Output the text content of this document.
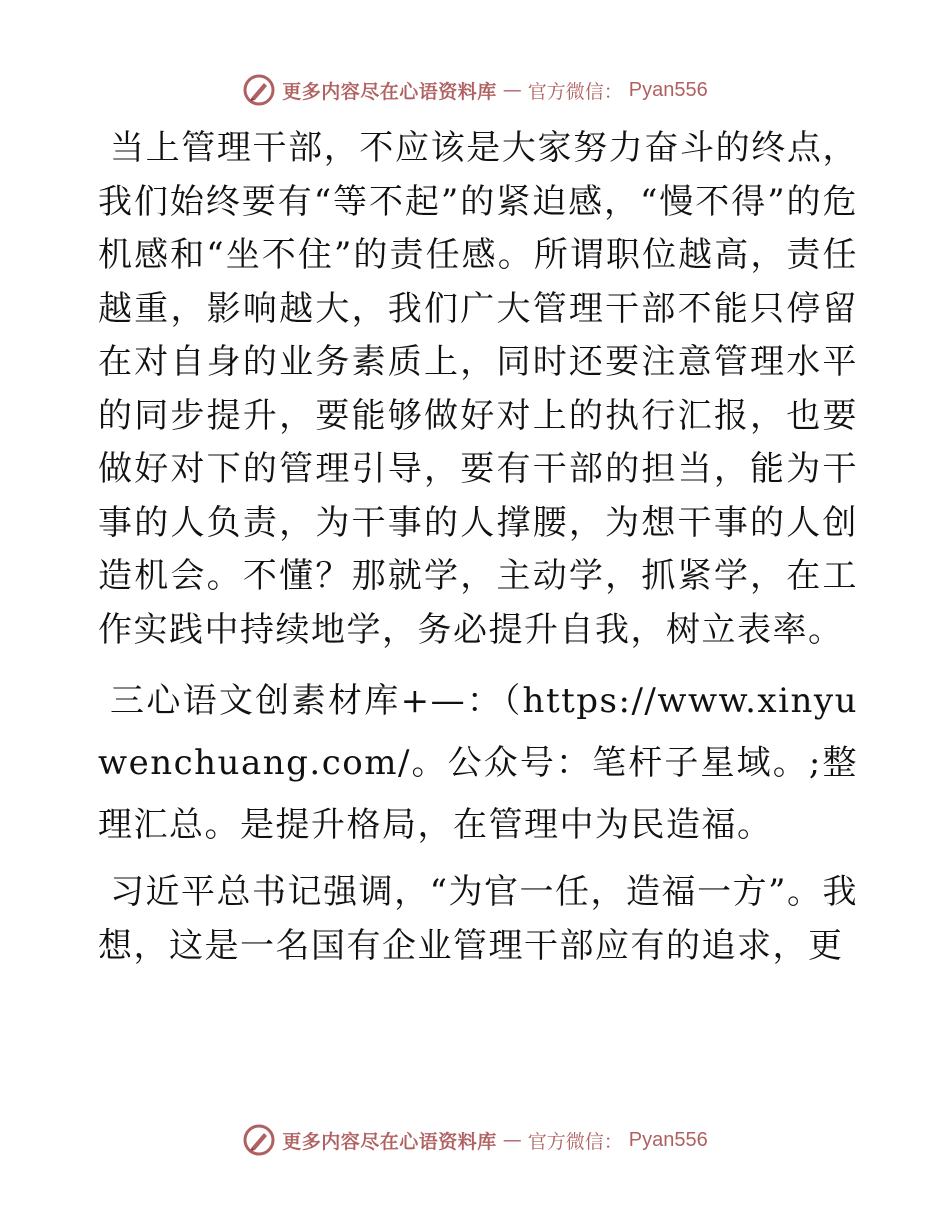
更多内容尽在心语资料库 — 官方微信： Pyan556

当上管理干部，不应该是大家努力奋斗的终点，我们始终要有“等不起”的紧迫感，“慢不得”的危机感和“坐不住”的责任感。所谓职位越高，责任越重，影响越大，我们广大管理干部不能只停留在对自身的业务素质上，同时还要注意管理水平的同步提升，要能够做好对上的执行汇报，也要做好对下的管理引导，要有干部的担当，能为干事的人负责，为干事的人撑腰，为想干事的人创造机会。不懂？那就学，主动学，抓紧学，在工作实践中持续地学，务必提升自我，树立表率。

三心语文创素材库+—：（https://www.xinyuwenchuang.com/。公众号：笔杆子星域。;整理汇总。是提升格局，在管理中为民造福。

习近平总书记强调，“为官一任，造福一方”。我想，这是一名国有企业管理干部应有的追求，更

更多内容尽在心语资料库 — 官方微信： Pyan556
